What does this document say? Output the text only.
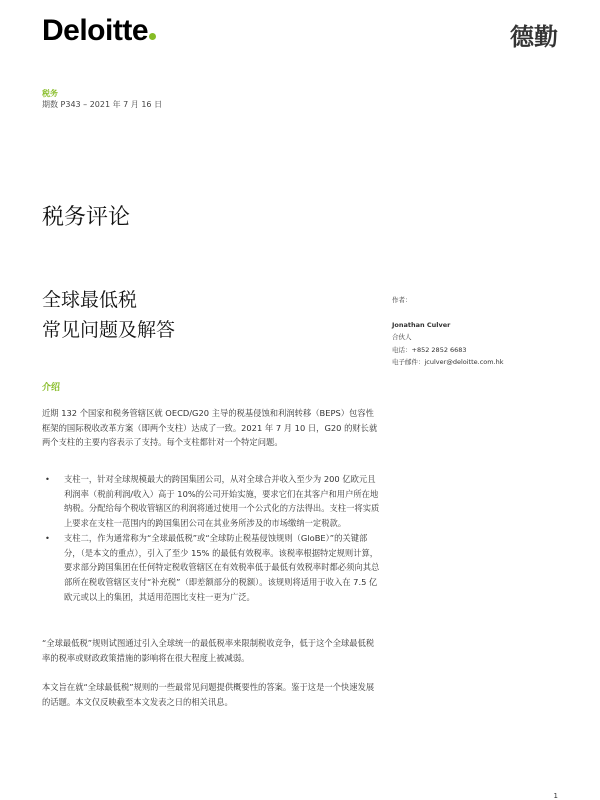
Deloitte	德勤
税务
期数 P343 – 2021 年 7 月 16 日
税务评论
全球最低税
常见问题及解答
作者：
Jonathan Culver
合伙人
电话：+852 2852 6683
电子邮件：jculver@deloitte.com.hk
介绍
近期 132 个国家和税务管辖区就 OECD/G20 主导的税基侵蚀和利润转移（BEPS）包容性框架的国际税收改革方案（即两个支柱）达成了一致。2021 年 7 月 10 日，G20 的财长就两个支柱的主要内容表示了支持。每个支柱都针对一个特定问题。
• 支柱一，针对全球规模最大的跨国集团公司，从对全球合并收入至少为 200 亿欧元且利润率（税前利润/收入）高于 10%的公司开始实施，要求它们在其客户和用户所在地纳税。分配给每个税收管辖区的利润将通过使用一个公式化的方法得出。支柱一将实质上要求在支柱一范围内的跨国集团公司在其业务所涉及的市场缴纳一定税款。
• 支柱二，作为通常称为“全球最低税”或“全球防止税基侵蚀规则（GloBE）”的关键部分，（是本文的重点），引入了至少 15% 的最低有效税率。该税率根据特定规则计算，要求部分跨国集团在任何特定税收管辖区在有效税率低于最低有效税率时都必须向其总部所在税收管辖区支付“补充税”（即差额部分的税额）。该规则将适用于收入在 7.5 亿欧元或以上的集团，其适用范围比支柱一更为广泛。
“全球最低税”规则试图通过引入全球统一的最低税率来限制税收竞争，低于这个全球最低税率的税率或财政政策措施的影响将在很大程度上被减弱。
本文旨在就“全球最低税”规则的一些最常见问题提供概要性的答案。鉴于这是一个快速发展的话题。本文仅反映截至本文发表之日的相关讯息。
1
